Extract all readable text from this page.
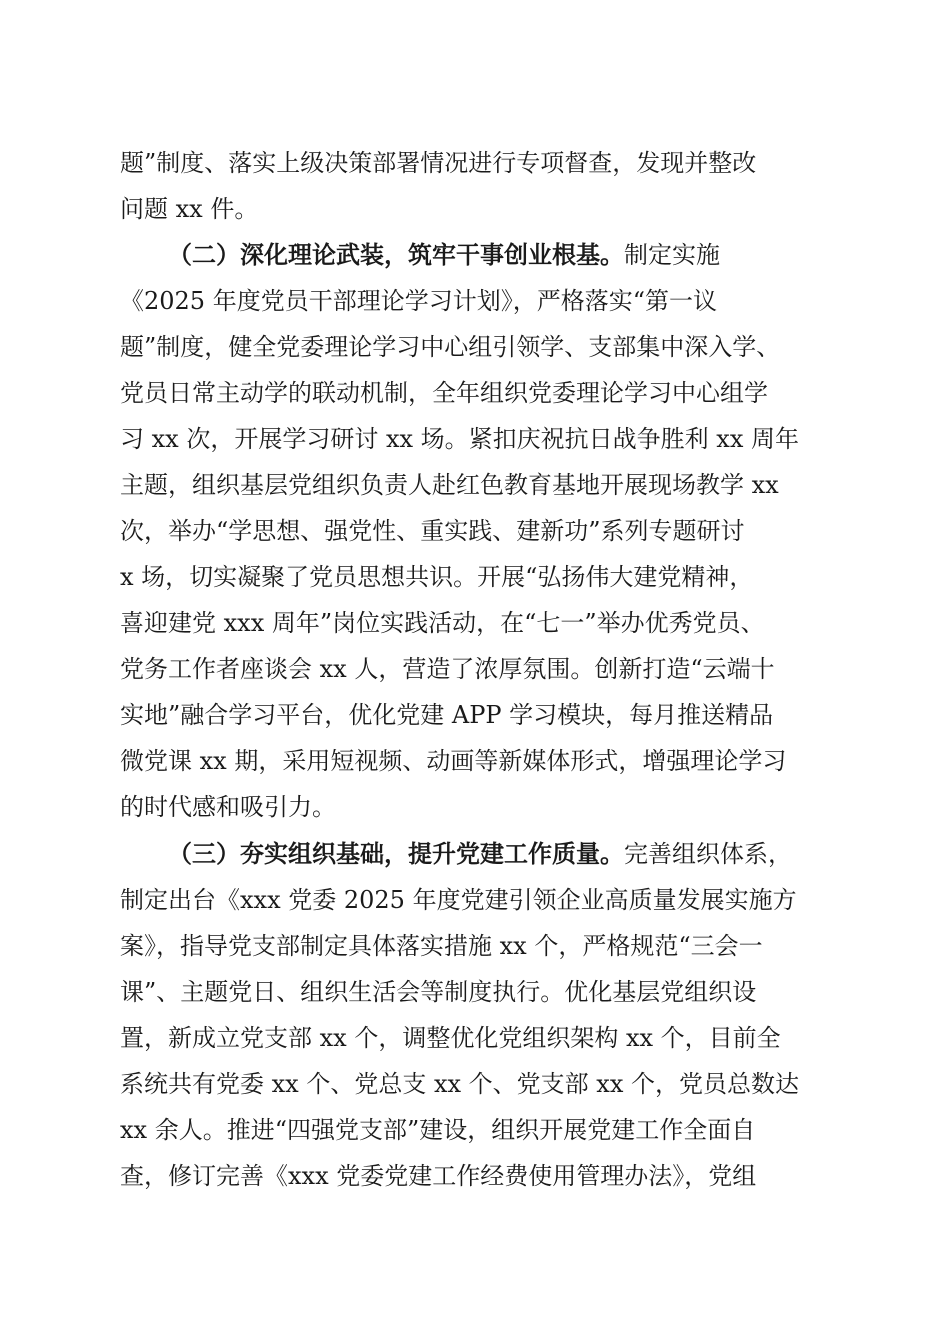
题”制度、落实上级决策部署情况进行专项督查，发现并整改
问题 xx 件。
（二）深化理论武装，筑牢干事创业根基。制定实施
《2025 年度党员干部理论学习计划》，严格落实“第一议
题”制度，健全党委理论学习中心组引领学、支部集中深入学、
党员日常主动学的联动机制，全年组织党委理论学习中心组学
习 xx 次，开展学习研讨 xx 场。紧扣庆祝抗日战争胜利 xx 周年
主题，组织基层党组织负责人赴红色教育基地开展现场教学 xx
次，举办“学思想、强党性、重实践、建新功”系列专题研讨
x 场，切实凝聚了党员思想共识。开展“弘扬伟大建党精神，
喜迎建党 xxx 周年”岗位实践活动，在“七一”举办优秀党员、
党务工作者座谈会 xx 人，营造了浓厚氛围。创新打造“云端十
实地”融合学习平台，优化党建 APP 学习模块，每月推送精品
微党课 xx 期，采用短视频、动画等新媒体形式，增强理论学习
的时代感和吸引力。
（三）夯实组织基础，提升党建工作质量。完善组织体系，
制定出台《xxx 党委 2025 年度党建引领企业高质量发展实施方
案》，指导党支部制定具体落实措施 xx 个，严格规范“三会一
课”、主题党日、组织生活会等制度执行。优化基层党组织设
置，新成立党支部 xx 个，调整优化党组织架构 xx 个，目前全
系统共有党委 xx 个、党总支 xx 个、党支部 xx 个，党员总数达
xx 余人。推进“四强党支部”建设，组织开展党建工作全面自
查，修订完善《xxx 党委党建工作经费使用管理办法》，党组
